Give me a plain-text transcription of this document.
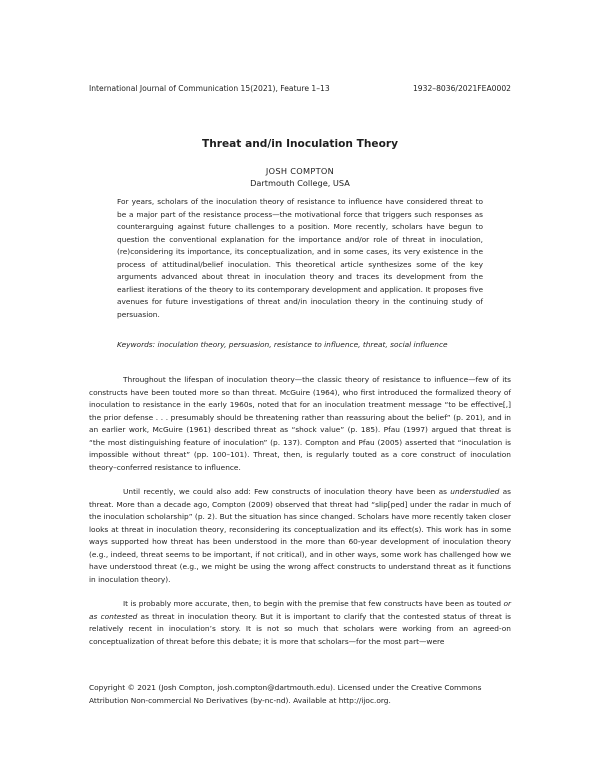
International Journal of Communication 15(2021), Feature 1–13	1932–8036/2021FEA0002
Threat and/in Inoculation Theory
JOSH COMPTON
Dartmouth College, USA

For years, scholars of the inoculation theory of resistance to influence have considered threat to be a major part of the resistance process—the motivational force that triggers such responses as counterarguing against future challenges to a position. More recently, scholars have begun to question the conventional explanation for the importance and/or role of threat in inoculation, (re)considering its importance, its conceptualization, and in some cases, its very existence in the process of attitudinal/belief inoculation. This theoretical article synthesizes some of the key arguments advanced about threat in inoculation theory and traces its development from the earliest iterations of the theory to its contemporary development and application. It proposes five avenues for future investigations of threat and/in inoculation theory in the continuing study of persuasion.

Keywords: inoculation theory, persuasion, resistance to influence, threat, social influence

Throughout the lifespan of inoculation theory—the classic theory of resistance to influence—few of its constructs have been touted more so than threat. McGuire (1964), who first introduced the formalized theory of inoculation to resistance in the early 1960s, noted that for an inoculation treatment message “to be effective[,] the prior defense . . . presumably should be threatening rather than reassuring about the belief” (p. 201), and in an earlier work, McGuire (1961) described threat as “shock value” (p. 185). Pfau (1997) argued that threat is “the most distinguishing feature of inoculation” (p. 137). Compton and Pfau (2005) asserted that “inoculation is impossible without threat” (pp. 100–101). Threat, then, is regularly touted as a core construct of inoculation theory–conferred resistance to influence.

Until recently, we could also add: Few constructs of inoculation theory have been as understudied as threat. More than a decade ago, Compton (2009) observed that threat had “slip[ped] under the radar in much of the inoculation scholarship” (p. 2). But the situation has since changed. Scholars have more recently taken closer looks at threat in inoculation theory, reconsidering its conceptualization and its effect(s). This work has in some ways supported how threat has been understood in the more than 60-year development of inoculation theory (e.g., indeed, threat seems to be important, if not critical), and in other ways, some work has challenged how we have understood threat (e.g., we might be using the wrong affect constructs to understand threat as it functions in inoculation theory).

It is probably more accurate, then, to begin with the premise that few constructs have been as touted or as contested as threat in inoculation theory. But it is important to clarify that the contested status of threat is relatively recent in inoculation’s story. It is not so much that scholars were working from an agreed-on conceptualization of threat before this debate; it is more that scholars—for the most part—were

Copyright © 2021 (Josh Compton, josh.compton@dartmouth.edu). Licensed under the Creative Commons Attribution Non-commercial No Derivatives (by-nc-nd). Available at http://ijoc.org.
